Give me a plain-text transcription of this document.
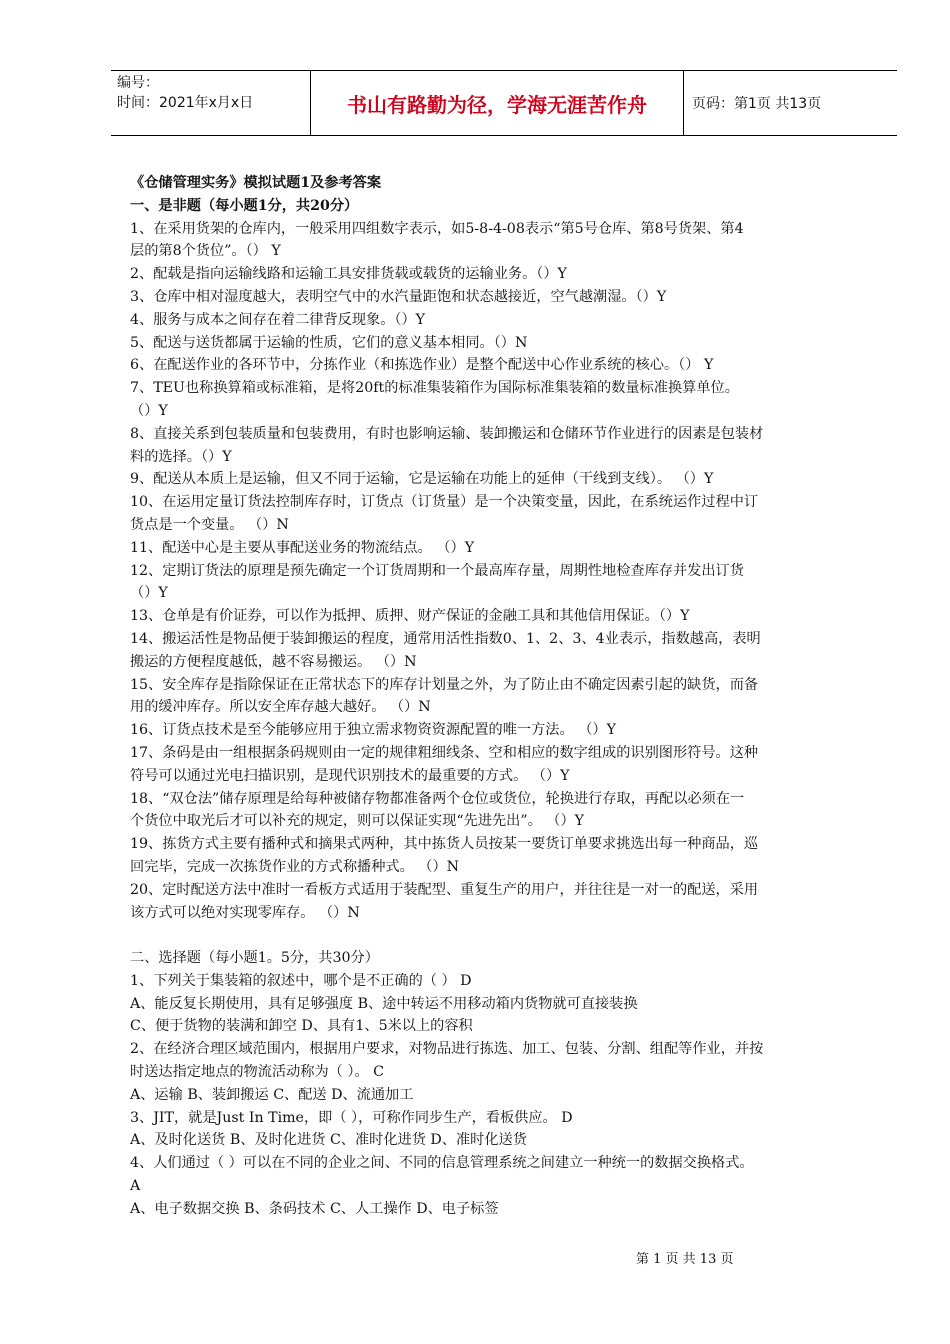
编号：
时间：2021年x月x日	书山有路勤为径，学海无涯苦作舟	页码：第1页 共13页
《仓储管理实务》模拟试题1及参考答案
一、是非题（每小题1分，共20分）
1、在采用货架的仓库内，一般采用四组数字表示，如5-8-4-08表示“第5号仓库、第8号货架、第4
层的第8个货位”。（） Y
2、配载是指向运输线路和运输工具安排货载或载货的运输业务。（）Y
3、仓库中相对湿度越大，表明空气中的水汽量距饱和状态越接近，空气越潮湿。（）Y
4、服务与成本之间存在着二律背反现象。（）Y
5、配送与送货都属于运输的性质，它们的意义基本相同。（）N
6、在配送作业的各环节中，分拣作业（和拣选作业）是整个配送中心作业系统的核心。（） Y
7、TEU也称换算箱或标准箱，是将20ft的标准集装箱作为国际标准集装箱的数量标准换算单位。
（）Y
8、直接关系到包装质量和包装费用，有时也影响运输、装卸搬运和仓储环节作业进行的因素是包装材
料的选择。（）Y
9、配送从本质上是运输，但又不同于运输，它是运输在功能上的延伸（干线到支线）。 （）Y
10、在运用定量订货法控制库存时，订货点（订货量）是一个决策变量，因此，在系统运作过程中订
货点是一个变量。 （）N
11、配送中心是主要从事配送业务的物流结点。 （）Y
12、定期订货法的原理是预先确定一个订货周期和一个最高库存量，周期性地检查库存并发出订货
（）Y
13、仓单是有价证券，可以作为抵押、质押、财产保证的金融工具和其他信用保证。（）Y
14、搬运活性是物品便于装卸搬运的程度，通常用活性指数0、1、2、3、4业表示，指数越高，表明
搬运的方便程度越低，越不容易搬运。 （）N
15、安全库存是指除保证在正常状态下的库存计划量之外，为了防止由不确定因素引起的缺货，而备
用的缓冲库存。所以安全库存越大越好。 （）N
16、订货点技术是至今能够应用于独立需求物资资源配置的唯一方法。 （）Y
17、条码是由一组根据条码规则由一定的规律粗细线条、空和相应的数字组成的识别图形符号。这种
符号可以通过光电扫描识别，是现代识别技术的最重要的方式。 （）Y
18、“双仓法”储存原理是给每种被储存物都准备两个仓位或货位，轮换进行存取，再配以必须在一
个货位中取光后才可以补充的规定，则可以保证实现“先进先出”。 （）Y
19、拣货方式主要有播种式和摘果式两种，其中拣货人员按某一要货订单要求挑选出每一种商品，巡
回完毕，完成一次拣货作业的方式称播种式。 （）N
20、定时配送方法中准时一看板方式适用于装配型、重复生产的用户，并往往是一对一的配送，采用
该方式可以绝对实现零库存。 （）N
二、选择题（每小题1。5分，共30分）
1、下列关于集装箱的叙述中，哪个是不正确的（ ） D
A、能反复长期使用，具有足够强度 B、途中转运不用移动箱内货物就可直接装换
C、便于货物的装满和卸空 D、具有1、5米以上的容积
2、在经济合理区域范围内，根据用户要求，对物品进行拣选、加工、包装、分割、组配等作业，并按
时送达指定地点的物流活动称为（ ）。 C
A、运输 B、装卸搬运 C、配送 D、流通加工
3、JIT，就是Just In Time，即（ ），可称作同步生产，看板供应。 D
A、及时化送货 B、及时化进货 C、准时化进货 D、准时化送货
4、人们通过（ ）可以在不同的企业之间、不同的信息管理系统之间建立一种统一的数据交换格式。
A
A、电子数据交换 B、条码技术 C、人工操作 D、电子标签
第 1 页 共 13 页
